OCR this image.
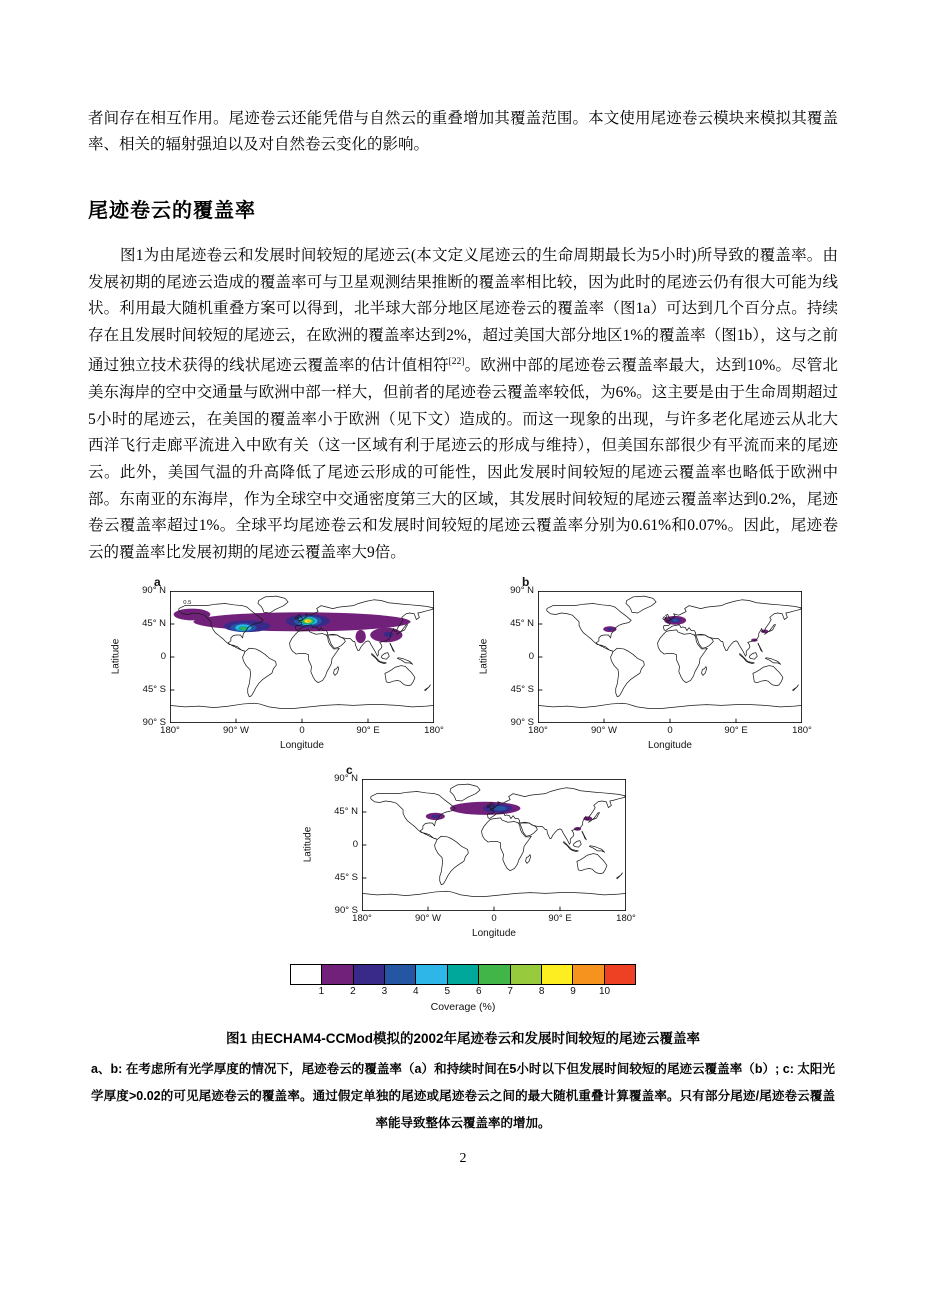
者间存在相互作用。尾迹卷云还能凭借与自然云的重叠增加其覆盖范围。本文使用尾迹卷云模块来模拟其覆盖率、相关的辐射强迫以及对自然卷云变化的影响。

尾迹卷云的覆盖率

图1为由尾迹卷云和发展时间较短的尾迹云(本文定义尾迹云的生命周期最长为5小时)所导致的覆盖率。由发展初期的尾迹云造成的覆盖率可与卫星观测结果推断的覆盖率相比较，因为此时的尾迹云仍有很大可能为线状。利用最大随机重叠方案可以得到，北半球大部分地区尾迹卷云的覆盖率（图1a）可达到几个百分点。持续存在且发展时间较短的尾迹云，在欧洲的覆盖率达到2%，超过美国大部分地区1%的覆盖率（图1b），这与之前通过独立技术获得的线状尾迹云覆盖率的估计值相符[22]。欧洲中部的尾迹卷云覆盖率最大，达到10%。尽管北美东海岸的空中交通量与欧洲中部一样大，但前者的尾迹卷云覆盖率较低，为6%。这主要是由于生命周期超过5小时的尾迹云，在美国的覆盖率小于欧洲（见下文）造成的。而这一现象的出现，与许多老化尾迹云从北大西洋飞行走廊平流进入中欧有关（这一区域有利于尾迹云的形成与维持），但美国东部很少有平流而来的尾迹云。此外，美国气温的升高降低了尾迹云形成的可能性，因此发展时间较短的尾迹云覆盖率也略低于欧洲中部。东南亚的东海岸，作为全球空中交通密度第三大的区域，其发展时间较短的尾迹云覆盖率达到0.2%，尾迹卷云覆盖率超过1%。全球平均尾迹卷云和发展时间较短的尾迹云覆盖率分别为0.61%和0.07%。因此，尾迹卷云的覆盖率比发展初期的尾迹云覆盖率大9倍。

a
Latitude
90° N
45° N
0
45° S
90° S
180°	90° W	0	90° E	180°
Longitude
0.5
b
Latitude
90° N
45° N
0
45° S
90° S
180°	90° W	0	90° E	180°
Longitude
c
Latitude
90° N
45° N
0
45° S
90° S
180°	90° W	0	90° E	180°
Longitude
1	2	3	4	5	6	7	8	9 10
Coverage (%)

图1 由ECHAM4-CCMod模拟的2002年尾迹卷云和发展时间较短的尾迹云覆盖率

a、b: 在考虑所有光学厚度的情况下，尾迹卷云的覆盖率（a）和持续时间在5小时以下但发展时间较短的尾迹云覆盖率（b）; c: 太阳光学厚度>0.02的可见尾迹卷云的覆盖率。通过假定单独的尾迹或尾迹卷云之间的最大随机重叠计算覆盖率。只有部分尾迹/尾迹卷云覆盖率能导致整体云覆盖率的增加。

2
